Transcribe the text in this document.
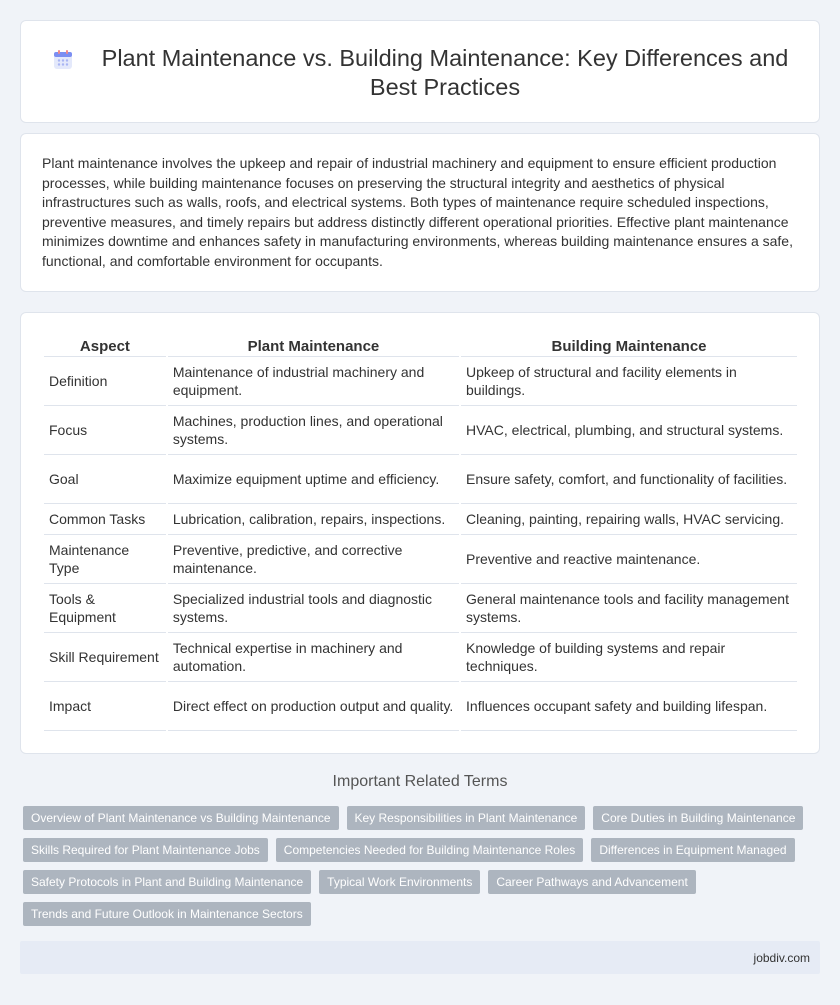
Plant Maintenance vs. Building Maintenance: Key Differences and Best Practices

Plant maintenance involves the upkeep and repair of industrial machinery and equipment to ensure efficient production processes, while building maintenance focuses on preserving the structural integrity and aesthetics of physical infrastructures such as walls, roofs, and electrical systems. Both types of maintenance require scheduled inspections, preventive measures, and timely repairs but address distinctly different operational priorities. Effective plant maintenance minimizes downtime and enhances safety in manufacturing environments, whereas building maintenance ensures a safe, functional, and comfortable environment for occupants.

Aspect	Plant Maintenance	Building Maintenance
Definition	Maintenance of industrial machinery and equipment.	Upkeep of structural and facility elements in buildings.
Focus	Machines, production lines, and operational systems.	HVAC, electrical, plumbing, and structural systems.
Goal	Maximize equipment uptime and efficiency.	Ensure safety, comfort, and functionality of facilities.
Common Tasks	Lubrication, calibration, repairs, inspections.	Cleaning, painting, repairing walls, HVAC servicing.
Maintenance Type	Preventive, predictive, and corrective maintenance.	Preventive and reactive maintenance.
Tools & Equipment	Specialized industrial tools and diagnostic systems.	General maintenance tools and facility management systems.
Skill Requirement	Technical expertise in machinery and automation.	Knowledge of building systems and repair techniques.
Impact	Direct effect on production output and quality.	Influences occupant safety and building lifespan.
Important Related Terms
Overview of Plant Maintenance vs Building Maintenance	Key Responsibilities in Plant Maintenance	Core Duties in Building Maintenance
Skills Required for Plant Maintenance Jobs	Competencies Needed for Building Maintenance Roles	Differences in Equipment Managed
Safety Protocols in Plant and Building Maintenance	Typical Work Environments	Career Pathways and Advancement
Trends and Future Outlook in Maintenance Sectors
jobdiv.com
